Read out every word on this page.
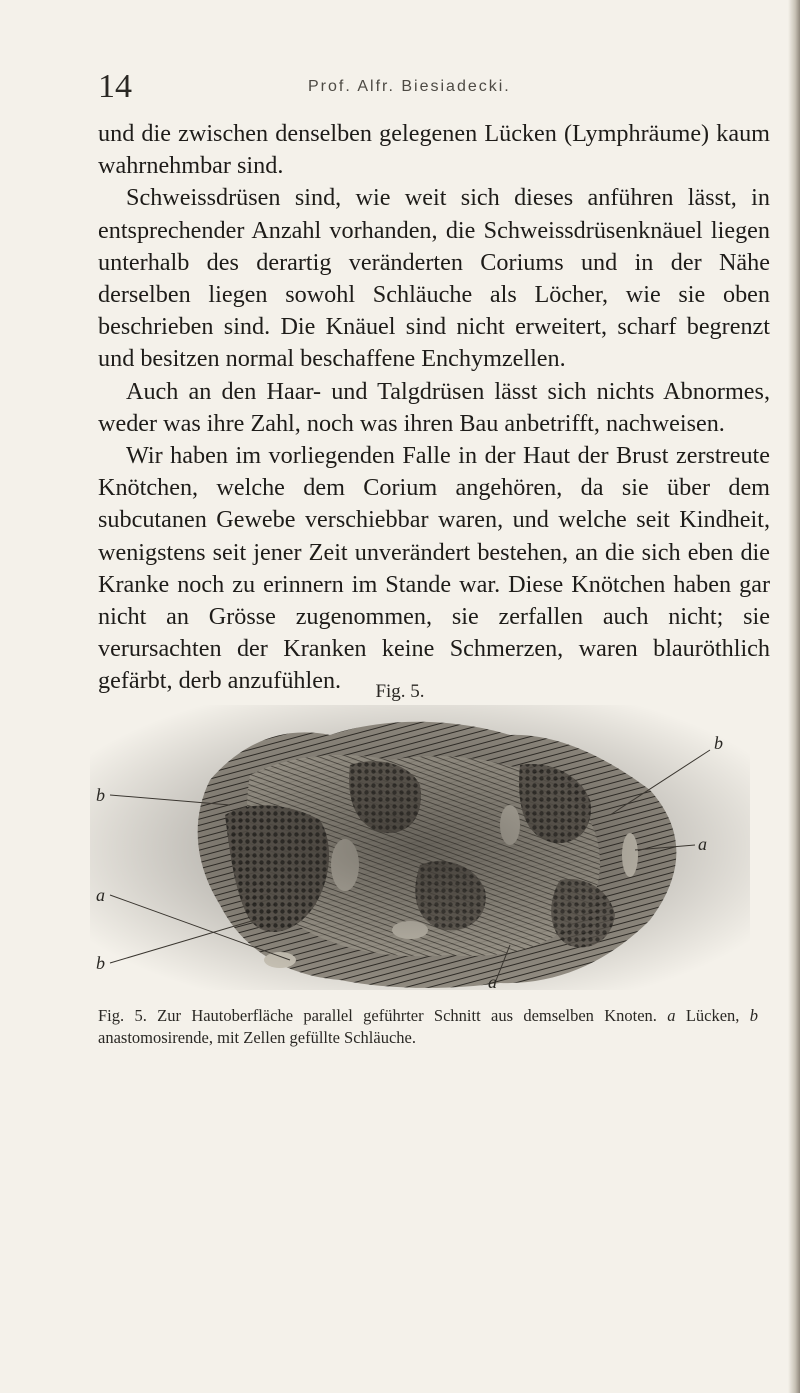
14	Prof. Alfr. Biesiadecki.

und die zwischen denselben gelegenen Lücken (Lymphräume) kaum wahrnehmbar sind.

Schweissdrüsen sind, wie weit sich dieses anführen lässt, in entsprechender Anzahl vorhanden, die Schweissdrüsenknäuel liegen unterhalb des derartig veränderten Coriums und in der Nähe derselben liegen sowohl Schläuche als Löcher, wie sie oben beschrieben sind. Die Knäuel sind nicht erweitert, scharf begrenzt und besitzen normal beschaffene Enchymzellen.

Auch an den Haar- und Talgdrüsen lässt sich nichts Abnormes, weder was ihre Zahl, noch was ihren Bau anbetrifft, nachweisen.

Wir haben im vorliegenden Falle in der Haut der Brust zerstreute Knötchen, welche dem Corium angehören, da sie über dem subcutanen Gewebe verschiebbar waren, und welche seit Kindheit, wenigstens seit jener Zeit unverändert bestehen, an die sich eben die Kranke noch zu erinnern im Stande war. Diese Knötchen haben gar nicht an Grösse zugenommen, sie zerfallen auch nicht; sie verursachten der Kranken keine Schmerzen, waren blauröthlich gefärbt, derb anzufühlen.	Fig. 5.
b
b
a
a
b
a
Fig. 5. Zur Hautoberfläche parallel geführter Schnitt aus demselben Knoten. a Lücken, b anastomosirende, mit Zellen gefüllte Schläuche.
